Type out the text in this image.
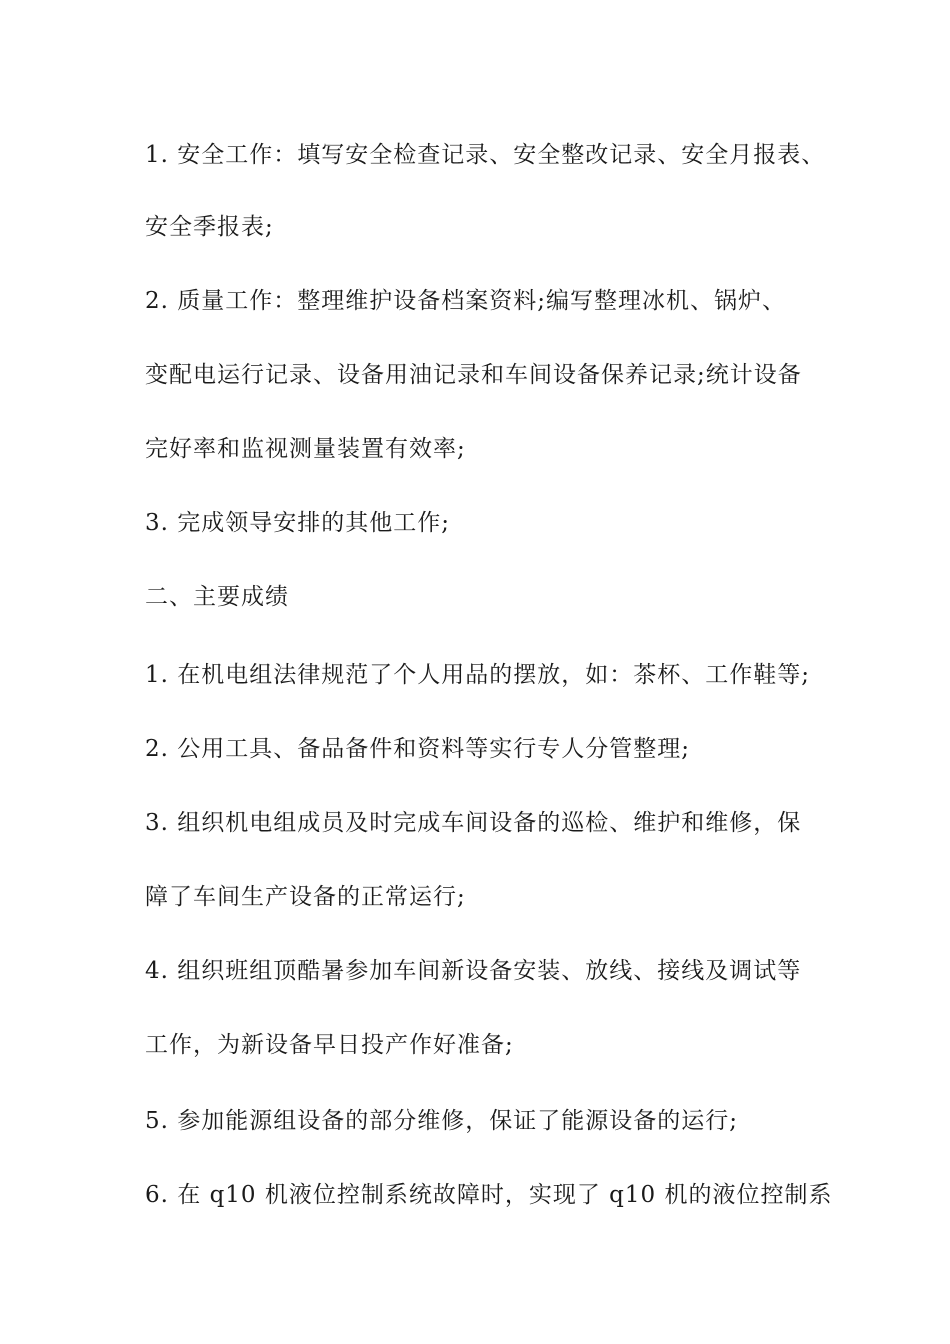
1. 安全工作：填写安全检查记录、安全整改记录、安全月报表、
安全季报表;
2. 质量工作：整理维护设备档案资料;编写整理冰机、锅炉、
变配电运行记录、设备用油记录和车间设备保养记录;统计设备
完好率和监视测量装置有效率;
3. 完成领导安排的其他工作;
二、主要成绩
1. 在机电组法律规范了个人用品的摆放，如：茶杯、工作鞋等;
2. 公用工具、备品备件和资料等实行专人分管整理;
3. 组织机电组成员及时完成车间设备的巡检、维护和维修，保
障了车间生产设备的正常运行;
4. 组织班组顶酷暑参加车间新设备安装、放线、接线及调试等
工作，为新设备早日投产作好准备;
5. 参加能源组设备的部分维修，保证了能源设备的运行;
6. 在 q10 机液位控制系统故障时，实现了 q10 机的液位控制系
